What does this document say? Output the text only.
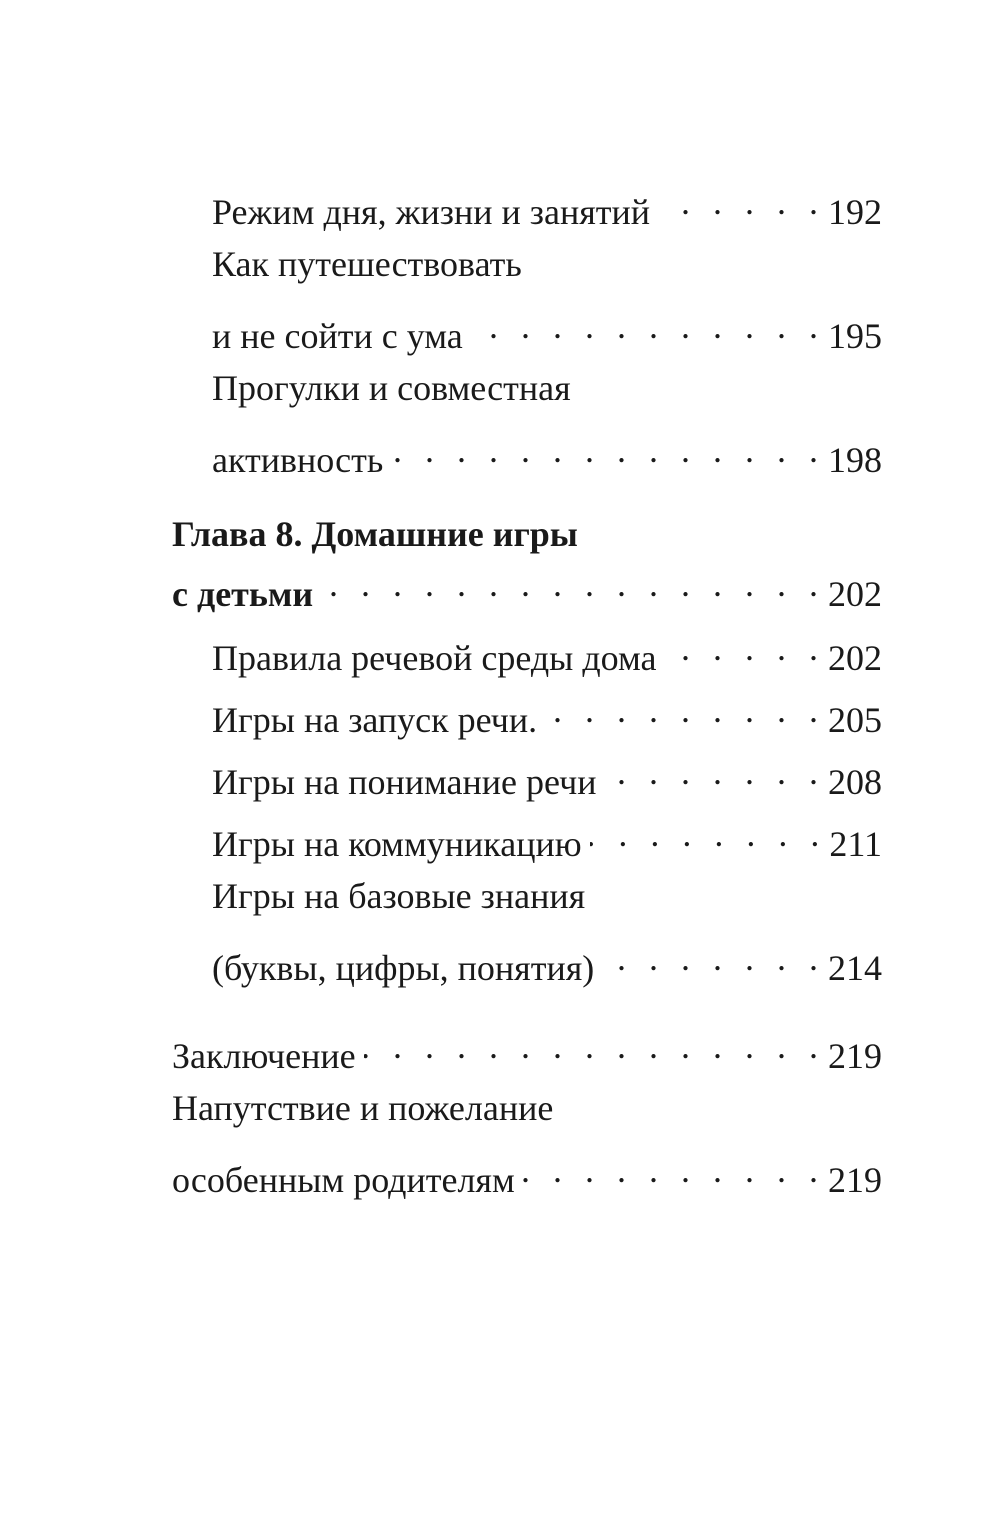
Режим дня, жизни и занятий . . .	192
Как путешествовать
и не сойти с ума . . .	195
Прогулки и совместная
активность . . .	198
Глава 8. Домашние игры
с детьми . . .	202
Правила речевой среды дома . . .	202
Игры на запуск речи. . . .	205
Игры на понимание речи . . .	208
Игры на коммуникацию . . .	211
Игры на базовые знания
(буквы, цифры, понятия) . . .	214
Заключение . . .	219
Напутствие и пожелание
особенным родителям . . .	219
